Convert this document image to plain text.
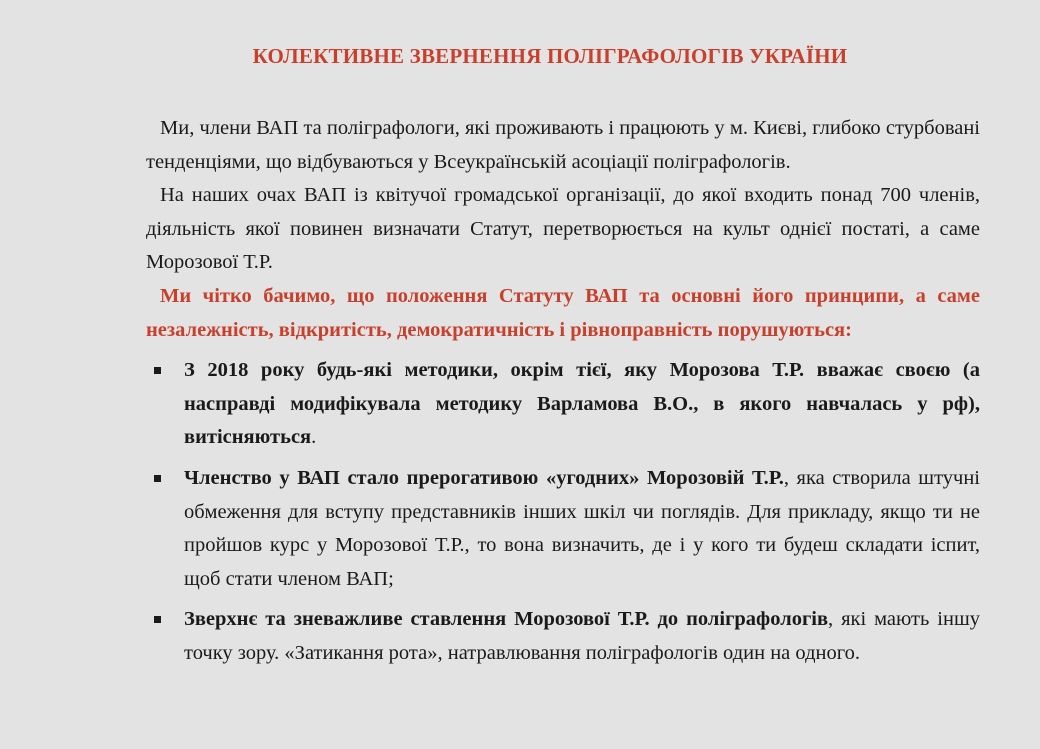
КОЛЕКТИВНЕ ЗВЕРНЕННЯ ПОЛІГРАФОЛОГІВ УКРАЇНИ

Ми, члени ВАП та поліграфологи, які проживають і працюють у м. Києві, глибоко стурбовані тенденціями, що відбуваються у Всеукраїнській асоціації поліграфологів.

На наших очах ВАП із квітучої громадської організації, до якої входить понад 700 членів, діяльність якої повинен визначати Статут, перетворюється на культ однієї постаті, а саме Морозової Т.Р.

Ми чітко бачимо, що положення Статуту ВАП та основні його принципи, а саме незалежність, відкритість, демократичність і рівноправність порушуються:

З 2018 року будь-які методики, окрім тієї, яку Морозова Т.Р. вважає своєю (а насправді модифікувала методику Варламова В.О., в якого навчалась у рф), витісняються.
Членство у ВАП стало прерогативою «угодних» Морозовій Т.Р., яка створила штучні обмеження для вступу представників інших шкіл чи поглядів. Для прикладу, якщо ти не пройшов курс у Морозової Т.Р., то вона визначить, де і у кого ти будеш складати іспит, щоб стати членом ВАП;
Зверхнє та зневажливе ставлення Морозової Т.Р. до поліграфологів, які мають іншу точку зору. «Затикання рота», натравлювання поліграфологів один на одного.
